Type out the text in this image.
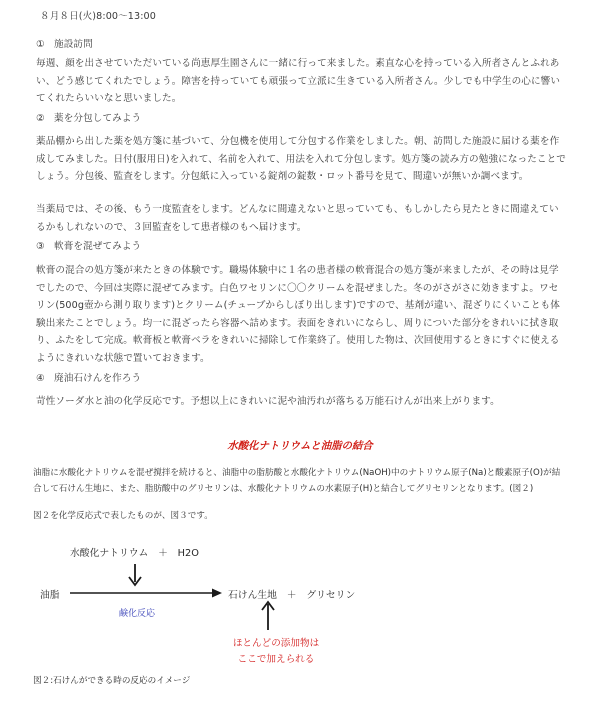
８月８日(火)8:00～13:00
① 施設訪問

毎週、顔を出させていただいている尚恵厚生園さんに一緒に行って来ました。素直な心を持っている入所者さんとふれあい、どう感じてくれたでしょう。障害を持っていても頑張って立派に生きている入所者さん。少しでも中学生の心に響いてくれたらいいなと思いました。

② 薬を分包してみよう

薬品棚から出した薬を処方箋に基づいて、分包機を使用して分包する作業をしました。朝、訪問した施設に届ける薬を作成してみました。日付(服用日)を入れて、名前を入れて、用法を入れて分包します。処方箋の読み方の勉強になったことでしょう。分包後、監査をします。分包紙に入っている錠剤の錠数・ロット番号を見て、間違いが無いか調べます。

当薬局では、その後、もう一度監査をします。どんなに間違えないと思っていても、もしかしたら見たときに間違えているかもしれないので、３回監査をして患者様のもへ届けます。

③ 軟膏を混ぜてみよう

軟膏の混合の処方箋が来たときの体験です。職場体験中に１名の患者様の軟膏混合の処方箋が来ましたが、その時は見学でしたので、今回は実際に混ぜてみます。白色ワセリンに〇〇クリームを混ぜました。冬のがさがさに効きますよ。ワセリン(500g壺から測り取ります)とクリーム(チューブからしぼり出します)ですので、基剤が違い、混ざりにくいことも体験出来たことでしょう。均一に混ざったら容器へ詰めます。表面をきれいにならし、周りについた部分をきれいに拭き取り、ふたをして完成。軟膏板と軟膏ベラをきれいに掃除して作業終了。使用した物は、次回使用するときにすぐに使えるようにきれいな状態で置いておきます。

④ 廃油石けんを作ろう

苛性ソーダ水と油の化学反応です。予想以上にきれいに泥や油汚れが落ちる万能石けんが出来上がります。

水酸化ナトリウムと油脂の結合

油脂に水酸化ナトリウムを混ぜ撹拌を続けると、油脂中の脂肪酸と水酸化ナトリウム(NaOH)中のナトリウム原子(Na)と酸素原子(O)が結合して石けん生地に、また、脂肪酸中のグリセリンは、水酸化ナトリウムの水素原子(H)と結合してグリセリンとなります。(図２)

図２を化学反応式で表したものが、図３です。

水酸化ナトリウム　＋　H2O
油脂
鹸化反応
石けん生地　＋　グリセリン
ほとんどの添加物は
ここで加えられる
図２:石けんができる時の反応のイメージ
